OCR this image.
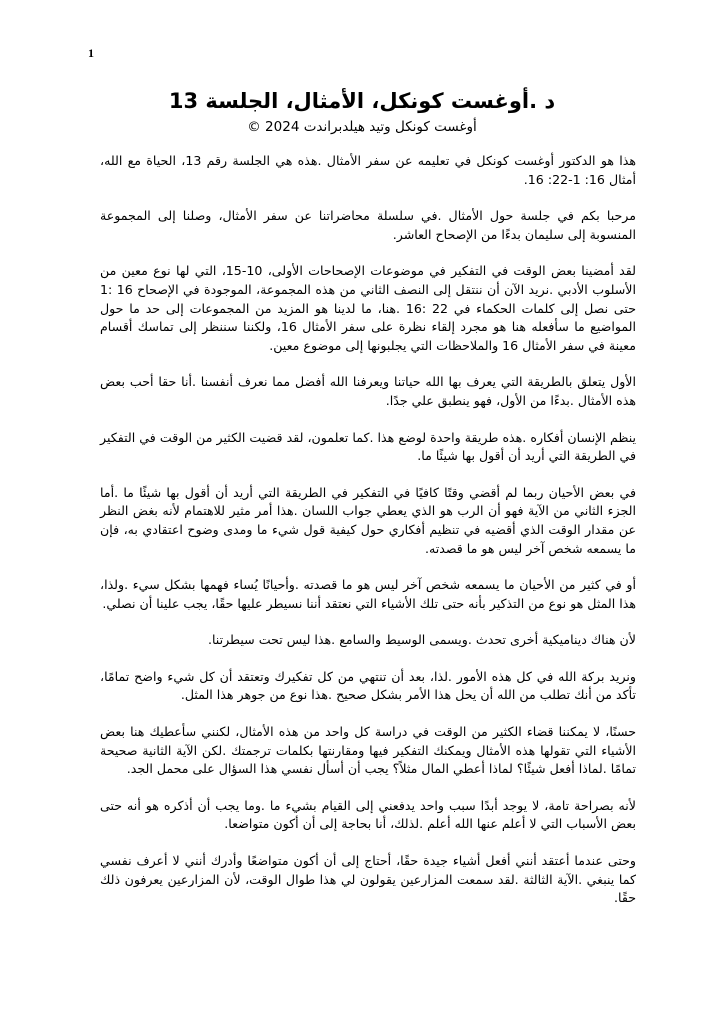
1
د .أوغست كونكل، الأمثال، الجلسة 13
أوغست كونكل وتيد هيلدبراندت 2024 ©

هذا هو الدكتور أوغست كونكل في تعليمه عن سفر الأمثال .هذه هي الجلسة رقم 13، الحياة مع الله، أمثال 16: 1-22: 16.

مرحبا بكم في جلسة حول الأمثال .في سلسلة محاضراتنا عن سفر الأمثال، وصلنا إلى المجموعة المنسوبة إلى سليمان بدءًا من الإصحاح العاشر.

لقد أمضينا بعض الوقت في التفكير في موضوعات الإصحاحات الأولى، 10-15، التي لها نوع معين من الأسلوب الأدبي .نريد الآن أن ننتقل إلى النصف الثاني من هذه المجموعة، الموجودة في الإصحاح 16 :1 حتى نصل إلى كلمات الحكماء في 22 :16 .هنا، ما لدينا هو المزيد من المجموعات إلى حد ما حول المواضيع ما سأفعله هنا هو مجرد إلقاء نظرة على سفر الأمثال 16، ولكننا سننظر إلى تماسك أقسام معينة في سفر الأمثال 16 والملاحظات التي يجلبونها إلى موضوع معين.

الأول يتعلق بالطريقة التي يعرف بها الله حياتنا ويعرفنا الله أفضل مما نعرف أنفسنا .أنا حقا أحب بعض هذه الأمثال .بدءًا من الأول، فهو ينطبق علي جدًا.

ينظم الإنسان أفكاره .هذه طريقة واحدة لوضع هذا .كما تعلمون، لقد قضيت الكثير من الوقت في التفكير في الطريقة التي أريد أن أقول بها شيئًا ما.

في بعض الأحيان ربما لم أقضي وقتًا كافيًا في التفكير في الطريقة التي أريد أن أقول بها شيئًا ما .أما الجزء الثاني من الآية فهو أن الرب هو الذي يعطي جواب اللسان .هذا أمر مثير للاهتمام لأنه بغض النظر عن مقدار الوقت الذي أقضيه في تنظيم أفكاري حول كيفية قول شيء ما ومدى وضوح اعتقادي به، فإن ما يسمعه شخص آخر ليس هو ما قصدته.

أو في كثير من الأحيان ما يسمعه شخص آخر ليس هو ما قصدته .وأحيانًا يُساء فهمها بشكل سيء .ولذا، هذا المثل هو نوع من التذكير بأنه حتى تلك الأشياء التي نعتقد أننا نسيطر عليها حقًا، يجب علينا أن نصلي.

لأن هناك ديناميكية أخرى تحدث .ويسمى الوسيط والسامع .هذا ليس تحت سيطرتنا.

ونريد بركة الله في كل هذه الأمور .لذا، بعد أن تنتهي من كل تفكيرك وتعتقد أن كل شيء واضح تمامًا، تأكد من أنك تطلب من الله أن يحل هذا الأمر بشكل صحيح .هذا نوع من جوهر هذا المثل.

حسنًا، لا يمكننا قضاء الكثير من الوقت في دراسة كل واحد من هذه الأمثال، لكنني سأعطيك هنا بعض الأشياء التي تقولها هذه الأمثال ويمكنك التفكير فيها ومقارنتها بكلمات ترجمتك .لكن الآية الثانية صحيحة تمامًا .لماذا أفعل شيئًا؟ لماذا أعطي المال مثلاً؟ يجب أن أسأل نفسي هذا السؤال على محمل الجد.

لأنه بصراحة تامة، لا يوجد أبدًا سبب واحد يدفعني إلى القيام بشيء ما .وما يجب أن أذكره هو أنه حتى بعض الأسباب التي لا أعلم عنها الله أعلم .لذلك، أنا بحاجة إلى أن أكون متواضعا.

وحتى عندما أعتقد أنني أفعل أشياء جيدة حقًا، أحتاج إلى أن أكون متواضعًا وأدرك أنني لا أعرف نفسي كما ينبغي .الآية الثالثة .لقد سمعت المزارعين يقولون لي هذا طوال الوقت، لأن المزارعين يعرفون ذلك حقًا.
